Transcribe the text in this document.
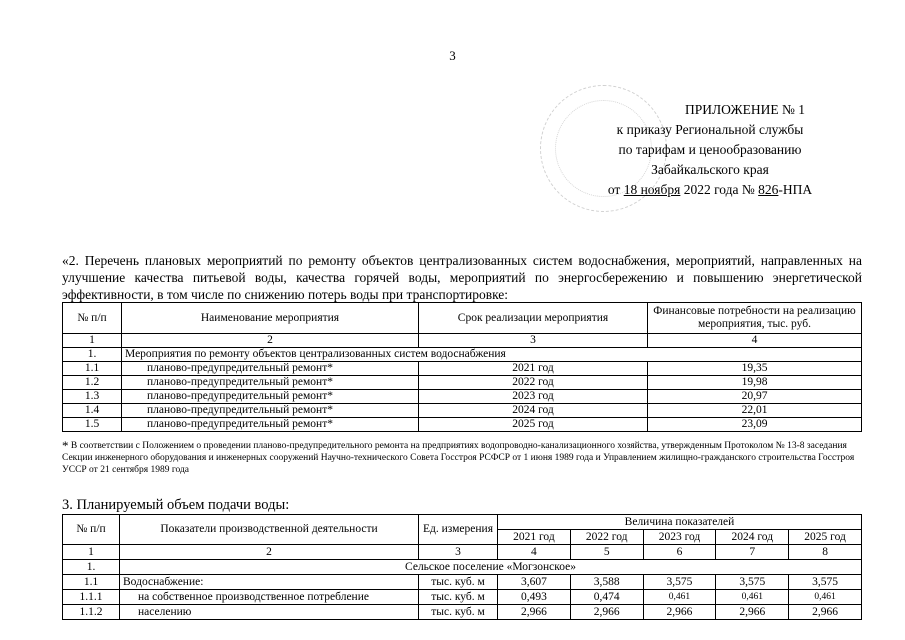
3
ПРИЛОЖЕНИЕ № 1
к приказу Региональной службы
по тарифам и ценообразованию
Забайкальского края
от 18 ноября 2022 года № 826-НПА
«2. Перечень плановых мероприятий по ремонту объектов централизованных систем водоснабжения, мероприятий, направленных на улучшение качества питьевой воды, качества горячей воды, мероприятий по энергосбережению и повышению энергетической эффективности, в том числе по снижению потерь воды при транспортировке:
№ п/п	Наименование мероприятия	Срок реализации мероприятия	Финансовые потребности на реализацию мероприятия, тыс. руб.
1	2	3	4
1.	Мероприятия по ремонту объектов централизованных систем водоснабжения		
1.1	планово-предупредительный ремонт*	2021 год	19,35
1.2	планово-предупредительный ремонт*	2022 год	19,98
1.3	планово-предупредительный ремонт*	2023 год	20,97
1.4	планово-предупредительный ремонт*	2024 год	22,01
1.5	планово-предупредительный ремонт*	2025 год	23,09
* В соответствии с Положением о проведении планово-предупредительного ремонта на предприятиях водопроводно-канализационного хозяйства, утвержденным Протоколом № 13-8 заседания Секции инженерного оборудования и инженерных сооружений Научно-технического Совета Госстроя РСФСР от 1 июня 1989 года и Управлением жилищно-гражданского строительства Госстроя УССР от 21 сентября 1989 года
3. Планируемый объем подачи воды:
№ п/п	Показатели производственной деятельности	Ед. измерения	Величина показателей				
			2021 год	2022 год	2023 год	2024 год	2025 год
1	2	3	4	5	6	7	8
1.	Сельское поселение «Могзонское»						
1.1	Водоснабжение:	тыс. куб. м	3,607	3,588	3,575	3,575	3,575
1.1.1	на собственное производственное потребление	тыс. куб. м	0,493	0,474	0,461	0,461	0,461
1.1.2	населению	тыс. куб. м	2,966	2,966	2,966	2,966	2,966
